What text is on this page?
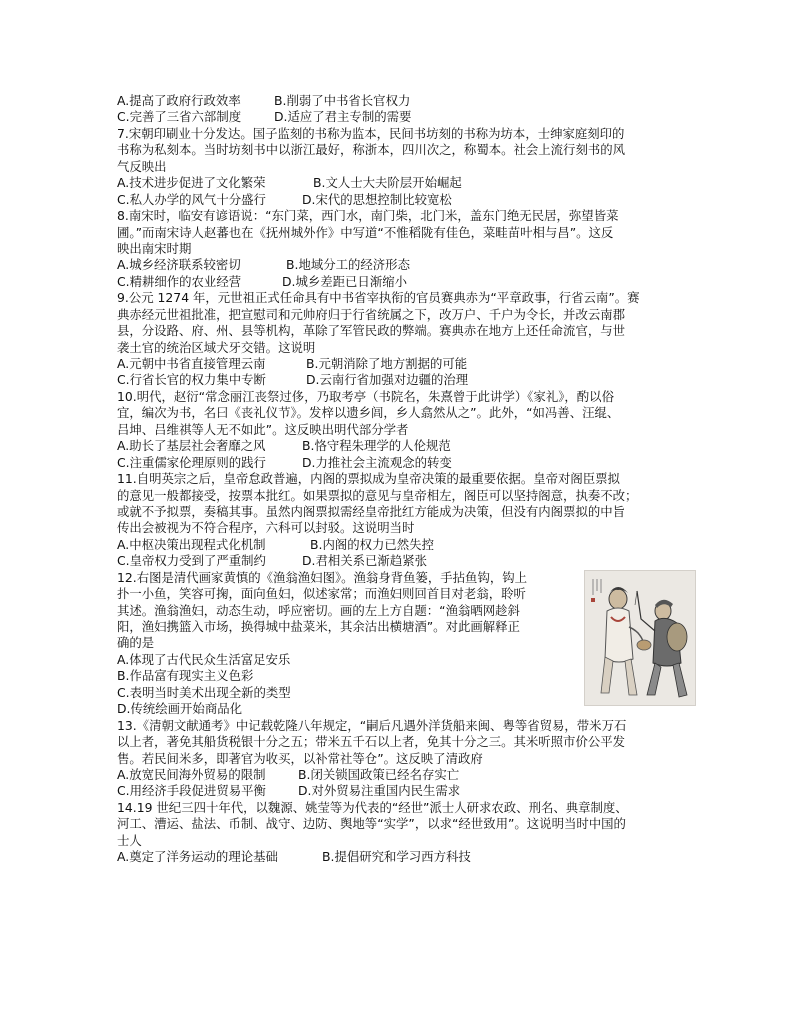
A.提高了政府行政效率	B.削弱了中书省长官权力
C.完善了三省六部制度	D.适应了君主专制的需要
7.宋朝印刷业十分发达。国子监刻的书称为监本，民间书坊刻的书称为坊本，士绅家庭刻印的
书称为私刻本。当时坊刻书中以浙江最好，称浙本，四川次之，称蜀本。社会上流行刻书的风
气反映出
A.技术进步促进了文化繁荣	B.文人士大夫阶层开始崛起
C.私人办学的风气十分盛行	D.宋代的思想控制比较宽松
8.南宋时，临安有谚语说：“东门菜，西门水，南门柴，北门米，盖东门绝无民居，弥望皆菜
圃。”而南宋诗人赵蕃也在《抚州城外作》中写道“不惟稻陇有佳色，菜畦苗叶相与昌”。这反
映出南宋时期
A.城乡经济联系较密切	B.地域分工的经济形态
C.精耕细作的农业经营	D.城乡差距已日渐缩小
9.公元 1274 年，元世祖正式任命具有中书省宰执衔的官员赛典赤为“平章政事，行省云南”。赛
典赤经元世祖批准，把宣慰司和元帅府归于行省统属之下，改万户、千户为令长，并改云南郡
县，分设路、府、州、县等机构，革除了军管民政的弊端。赛典赤在地方上还任命流官，与世
袭土官的统治区域犬牙交错。这说明
A.元朝中书省直接管理云南	B.元朝消除了地方割据的可能
C.行省长官的权力集中专断	D.云南行省加强对边疆的治理
10.明代，赵衍“常念丽江丧祭过侈，乃取考亭（书院名，朱熹曾于此讲学）《家礼》，酌以俗
宜，编次为书，名曰《丧礼仪节》。发梓以遗乡闾，乡人翕然从之”。此外，“如冯善、汪绲、
吕坤、吕维祺等人无不如此”。这反映出明代部分学者
A.助长了基层社会奢靡之风	B.恪守程朱理学的人伦规范
C.注重儒家伦理原则的践行	D.力推社会主流观念的转变
11.自明英宗之后，皇帝怠政普遍，内阁的票拟成为皇帝决策的最重要依据。皇帝对阁臣票拟
的意见一般都接受，按票本批红。如果票拟的意见与皇帝相左，阁臣可以坚持阁意，执奏不改；
或就不予拟票，奏稿其事。虽然内阁票拟需经皇帝批红方能成为决策，但没有内阁票拟的中旨
传出会被视为不符合程序，六科可以封驳。这说明当时
A.中枢决策出现程式化机制	B.内阁的权力已然失控
C.皇帝权力受到了严重制约	D.君相关系已渐趋紧张
12.右图是清代画家黄慎的《渔翁渔妇图》。渔翁身背鱼篓，手拈鱼钩，钩上
扑一小鱼，笑容可掬，面向鱼妇，似述家常；而渔妇则回首目对老翁，聆听
其述。渔翁渔妇，动态生动，呼应密切。画的左上方自题：“渔翁晒网趁斜
阳，渔妇携篮入市场，换得城中盐菜米，其余沽出横塘酒”。对此画解释正
确的是
A.体现了古代民众生活富足安乐
B.作品富有现实主义色彩
C.表明当时美术出现全新的类型
D.传统绘画开始商品化
13.《清朝文献通考》中记载乾隆八年规定，“嗣后凡遇外洋货船来闽、粤等省贸易，带米万石
以上者，著免其船货税银十分之五；带米五千石以上者，免其十分之三。其米听照市价公平发
售。若民间米多，即著官为收买，以补常社等仓”。这反映了清政府
A.放宽民间海外贸易的限制	B.闭关锁国政策已经名存实亡
C.用经济手段促进贸易平衡	D.对外贸易注重国内民生需求
14.19 世纪三四十年代，以魏源、姚莹等为代表的“经世”派士人研求农政、刑名、典章制度、
河工、漕运、盐法、币制、战守、边防、舆地等“实学”，以求“经世致用”。这说明当时中国的
士人
A.奠定了洋务运动的理论基础	B.提倡研究和学习西方科技
